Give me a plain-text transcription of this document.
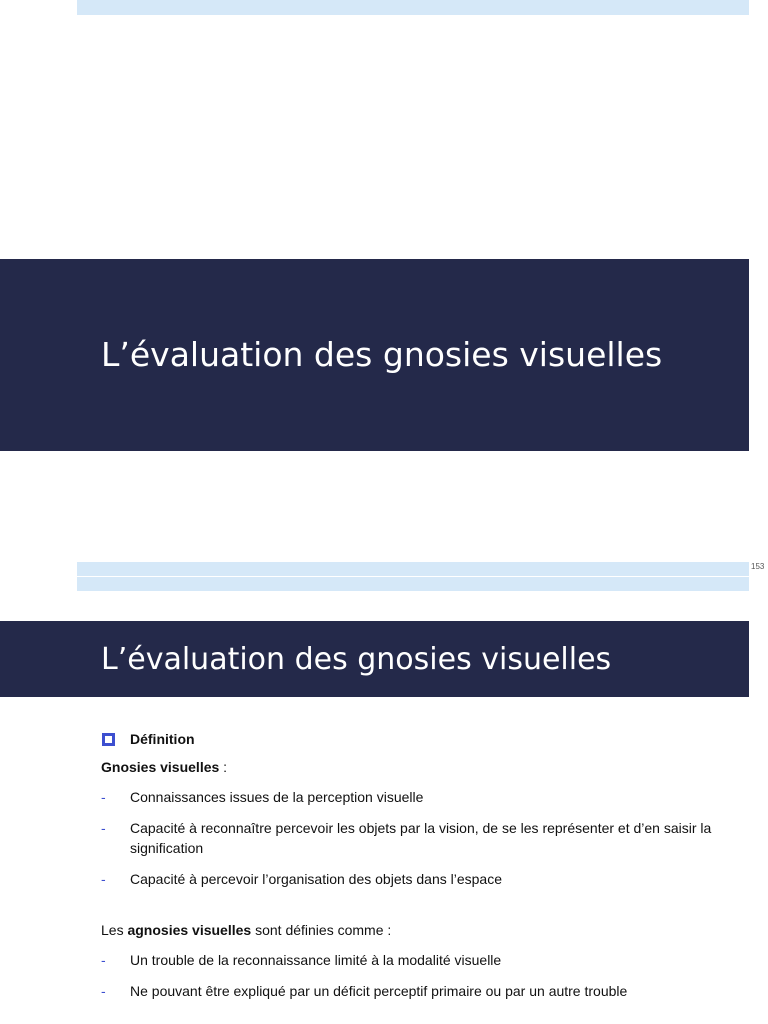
L’évaluation des gnosies visuelles
153
L’évaluation des gnosies visuelles
Définition
Gnosies visuelles :
- Connaissances issues de la perception visuelle
- Capacité à reconnaître percevoir les objets par la vision, de se les représenter et d’en saisir la signification
- Capacité à percevoir l’organisation des objets dans l’espace
Les agnosies visuelles sont définies comme :
- Un trouble de la reconnaissance limité à la modalité visuelle
- Ne pouvant être expliqué par un déficit perceptif primaire ou par un autre trouble
